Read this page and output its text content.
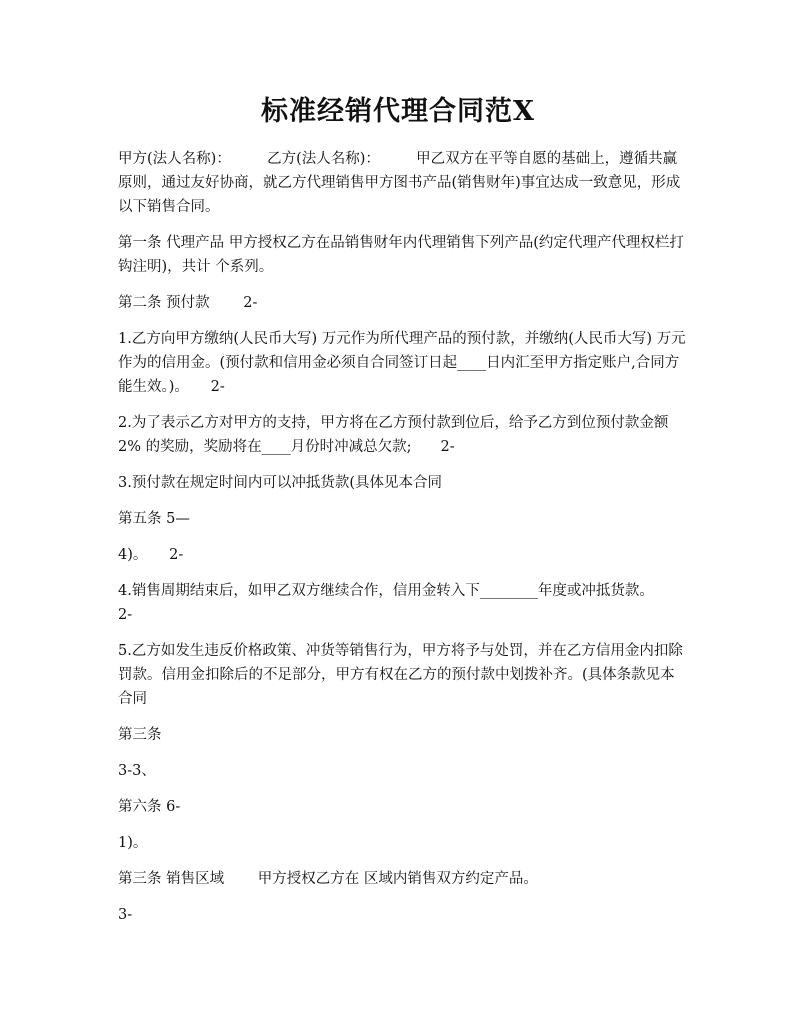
标准经销代理合同范X

甲方(法人名称)：　　　乙方(法人名称)：　　　甲乙双方在平等自愿的基础上，遵循共赢原则，通过友好协商，就乙方代理销售甲方图书产品(销售财年)事宜达成一致意见，形成以下销售合同。

第一条 代理产品 甲方授权乙方在品销售财年内代理销售下列产品(约定代理产代理权栏打钩注明)，共计 个系列。

第二条 预付款　　 2-

1.乙方向甲方缴纳(人民币大写) 万元作为所代理产品的预付款，并缴纳(人民币大写) 万元作为的信用金。(预付款和信用金必须自合同签订日起____日内汇至甲方指定账户,合同方能生效。)。　　2-

2.为了表示乙方对甲方的支持，甲方将在乙方预付款到位后，给予乙方到位预付款金额 2% 的奖励，奖励将在____月份时冲减总欠款;　　2-

3.预付款在规定时间内可以冲抵货款(具体见本合同

第五条 5—

4)。　　2-

4.销售周期结束后，如甲乙双方继续合作，信用金转入下________年度或冲抵货款。　　2-

5.乙方如发生违反价格政策、冲货等销售行为，甲方将予与处罚，并在乙方信用金内扣除罚款。信用金扣除后的不足部分，甲方有权在乙方的预付款中划拨补齐。(具体条款见本合同

第三条

3-3、

第六条 6-

1)。

第三条 销售区域　　 甲方授权乙方在 区域内销售双方约定产品。

3-
